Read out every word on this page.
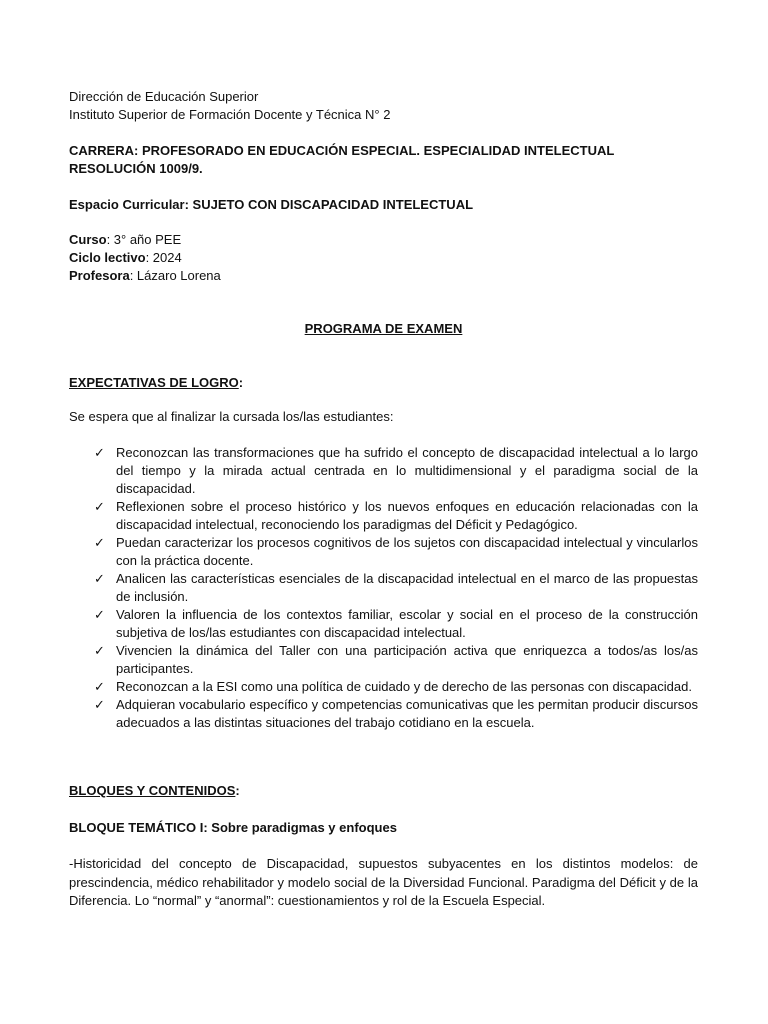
Dirección de Educación Superior
Instituto Superior de Formación Docente y Técnica N° 2
CARRERA: PROFESORADO EN EDUCACIÓN ESPECIAL. ESPECIALIDAD INTELECTUAL
RESOLUCIÓN 1009/9.
Espacio Curricular: SUJETO CON DISCAPACIDAD INTELECTUAL
Curso: 3° año PEE
Ciclo lectivo: 2024
Profesora: Lázaro Lorena
PROGRAMA DE EXAMEN
EXPECTATIVAS DE LOGRO:
Se espera que al finalizar la cursada los/las estudiantes:
✓ Reconozcan las transformaciones que ha sufrido el concepto de discapacidad intelectual a lo largo del tiempo y la mirada actual centrada en lo multidimensional y el paradigma social de la discapacidad.
✓ Reflexionen sobre el proceso histórico y los nuevos enfoques en educación relacionadas con la discapacidad intelectual, reconociendo los paradigmas del Déficit y Pedagógico.
✓ Puedan caracterizar los procesos cognitivos de los sujetos con discapacidad intelectual y vincularlos con la práctica docente.
✓ Analicen las características esenciales de la discapacidad intelectual en el marco de las propuestas de inclusión.
✓ Valoren la influencia de los contextos familiar, escolar y social en el proceso de la construcción subjetiva de los/las estudiantes con discapacidad intelectual.
✓ Vivencien la dinámica del Taller con una participación activa que enriquezca a todos/as los/as participantes.
✓ Reconozcan a la ESI como una política de cuidado y de derecho de las personas con discapacidad.
✓ Adquieran vocabulario específico y competencias comunicativas que les permitan producir discursos adecuados a las distintas situaciones del trabajo cotidiano en la escuela.
BLOQUES Y CONTENIDOS:
BLOQUE TEMÁTICO I: Sobre paradigmas y enfoques
-Historicidad del concepto de Discapacidad, supuestos subyacentes en los distintos modelos: de prescindencia, médico rehabilitador y modelo social de la Diversidad Funcional. Paradigma del Déficit y de la Diferencia. Lo “normal” y “anormal”: cuestionamientos y rol de la Escuela Especial.
